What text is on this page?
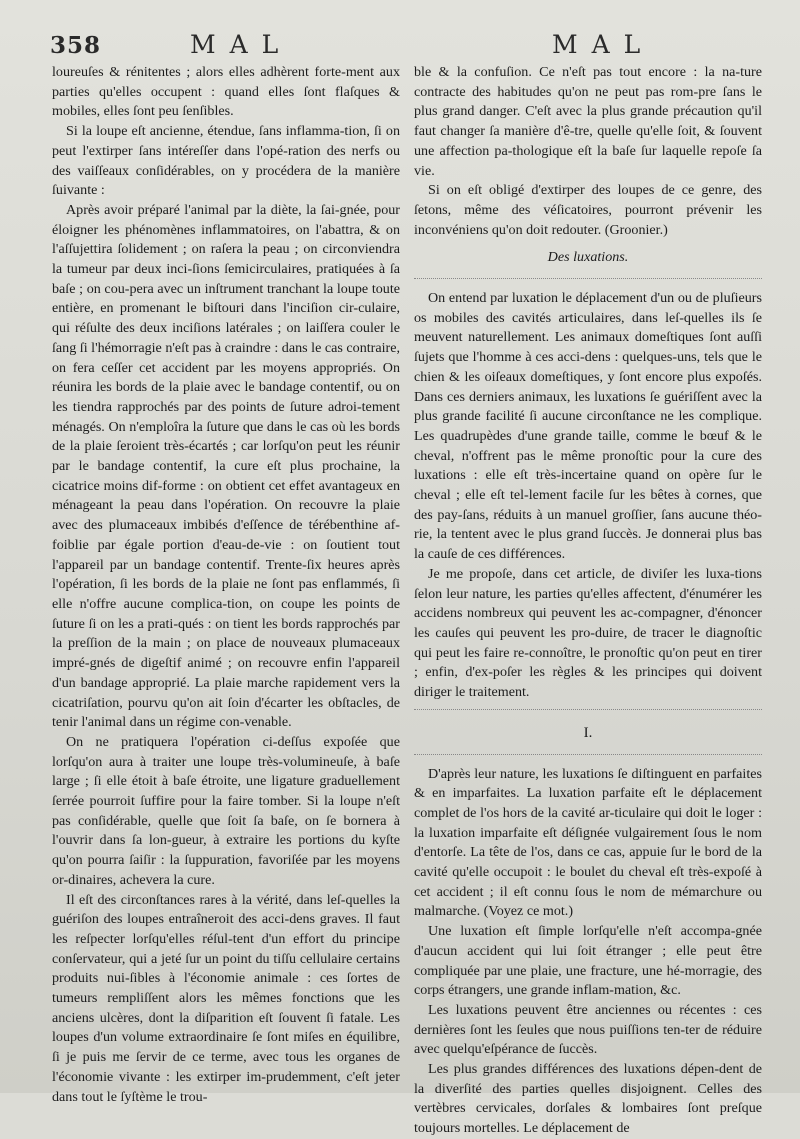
358	MAL	MAL

loureuſes & rénitentes ; alors elles adhèrent forte-ment aux parties qu'elles occupent : quand elles ſont flaſques & mobiles, elles ſont peu ſenſibles.

Si la loupe eſt ancienne, étendue, ſans inflamma-tion, ſi on peut l'extirper ſans intéreſſer dans l'opé-ration des nerfs ou des vaiſſeaux conſidérables, on y procédera de la manière ſuivante :

Après avoir préparé l'animal par la diète, la ſai-gnée, pour éloigner les phénomènes inflammatoires, on l'abattra, & on l'aſſujettira ſolidement ; on raſera la peau ; on circonviendra la tumeur par deux inci-ſions ſemicirculaires, pratiquées à ſa baſe ; on cou-pera avec un inſtrument tranchant la loupe toute entière, en promenant le biſtouri dans l'inciſion cir-culaire, qui réſulte des deux inciſions latérales ; on laiſſera couler le ſang ſi l'hémorragie n'eſt pas à craindre : dans le cas contraire, on fera ceſſer cet accident par les moyens appropriés. On réunira les bords de la plaie avec le bandage contentif, ou on les tiendra rapprochés par des points de ſuture adroi-tement ménagés. On n'emploîra la ſuture que dans le cas où les bords de la plaie ſeroient très-écartés ; car lorſqu'on peut les réunir par le bandage contentif, la cure eſt plus prochaine, la cicatrice moins dif-forme : on obtient cet effet avantageux en ménageant la peau dans l'opération. On recouvre la plaie avec des plumaceaux imbibés d'eſſence de térébenthine af-foiblie par égale portion d'eau-de-vie : on ſoutient tout l'appareil par un bandage contentif. Trente-ſix heures après l'opération, ſi les bords de la plaie ne ſont pas enflammés, ſi elle n'offre aucune complica-tion, on coupe les points de ſuture ſi on les a prati-qués : on tient les bords rapprochés par la preſſion de la main ; on place de nouveaux plumaceaux impré-gnés de digeſtif animé ; on recouvre enfin l'appareil d'un bandage approprié. La plaie marche rapidement vers la cicatriſation, pourvu qu'on ait ſoin d'écarter les obſtacles, de tenir l'animal dans un régime con-venable.

On ne pratiquera l'opération ci-deſſus expoſée que lorſqu'on aura à traiter une loupe très-volumineuſe, à baſe large ; ſi elle étoit à baſe étroite, une ligature graduellement ſerrée pourroit ſuffire pour la faire tomber. Si la loupe n'eſt pas conſidérable, quelle que ſoit ſa baſe, on ſe bornera à l'ouvrir dans ſa lon-gueur, à extraire les portions du kyſte qu'on pourra ſaiſir : la ſuppuration, favoriſée par les moyens or-dinaires, achevera la cure.

Il eſt des circonſtances rares à la vérité, dans leſ-quelles la guériſon des loupes entraîneroit des acci-dens graves. Il faut les reſpecter lorſqu'elles réſul-tent d'un effort du principe conſervateur, qui a jeté ſur un point du tiſſu cellulaire certains produits nui-ſibles à l'économie animale : ces ſortes de tumeurs rempliſſent alors les mêmes fonctions que les anciens ulcères, dont la diſparition eſt ſouvent ſi fatale. Les loupes d'un volume extraordinaire ſe ſont miſes en équilibre, ſi je puis me ſervir de ce terme, avec tous les organes de l'économie vivante : les extirper im-prudemment, c'eſt jeter dans tout le ſyſtème le trou-

ble & la confuſion. Ce n'eſt pas tout encore : la na-ture contracte des habitudes qu'on ne peut pas rom-pre ſans le plus grand danger. C'eſt avec la plus grande précaution qu'il faut changer ſa manière d'ê-tre, quelle qu'elle ſoit, & ſouvent une affection pa-thologique eſt la baſe ſur laquelle repoſe ſa vie.

Si on eſt obligé d'extirper des loupes de ce genre, des ſetons, même des véſicatoires, pourront prévenir les inconvéniens qu'on doit redouter. (Groonier.)

Des luxations.

On entend par luxation le déplacement d'un ou de pluſieurs os mobiles des cavités articulaires, dans leſ-quelles ils ſe meuvent naturellement. Les animaux domeſtiques ſont auſſi ſujets que l'homme à ces acci-dens : quelques-uns, tels que le chien & les oiſeaux domeſtiques, y ſont encore plus expoſés. Dans ces derniers animaux, les luxations ſe guériſſent avec la plus grande facilité ſi aucune circonſtance ne les complique. Les quadrupèdes d'une grande taille, comme le bœuf & le cheval, n'offrent pas le même pronoſtic pour la cure des luxations : elle eſt très-incertaine quand on opère ſur le cheval ; elle eſt tel-lement facile ſur les bêtes à cornes, que des pay-ſans, réduits à un manuel groſſier, ſans aucune théo-rie, la tentent avec le plus grand ſuccès. Je donnerai plus bas la cauſe de ces différences.

Je me propoſe, dans cet article, de diviſer les luxa-tions ſelon leur nature, les parties qu'elles affectent, d'énumérer les accidens nombreux qui peuvent les ac-compagner, d'énoncer les cauſes qui peuvent les pro-duire, de tracer le diagnoſtic qui peut les faire re-connoître, le pronoſtic qu'on peut en tirer ; enfin, d'ex-poſer les règles & les principes qui doivent diriger le traitement.

I.

D'après leur nature, les luxations ſe diſtinguent en parfaites & en imparfaites. La luxation parfaite eſt le déplacement complet de l'os hors de la cavité ar-ticulaire qui doit le loger : la luxation imparfaite eſt déſignée vulgairement ſous le nom d'entorſe. La tête de l'os, dans ce cas, appuie ſur le bord de la cavité qu'elle occupoit : le boulet du cheval eſt très-expoſé à cet accident ; il eſt connu ſous le nom de mémarchure ou malmarche. (Voyez ce mot.)

Une luxation eſt ſimple lorſqu'elle n'eſt accompa-gnée d'aucun accident qui lui ſoit étranger ; elle peut être compliquée par une plaie, une fracture, une hé-morragie, des corps étrangers, une grande inflam-mation, &c.

Les luxations peuvent être anciennes ou récentes : ces dernières ſont les ſeules que nous puiſſions ten-ter de réduire avec quelqu'eſpérance de ſuccès.

Les plus grandes différences des luxations dépen-dent de la diverſité des parties quelles disjoignent. Celles des vertèbres cervicales, dorſales & lombaires ſont preſque toujours mortelles. Le déplacement de
